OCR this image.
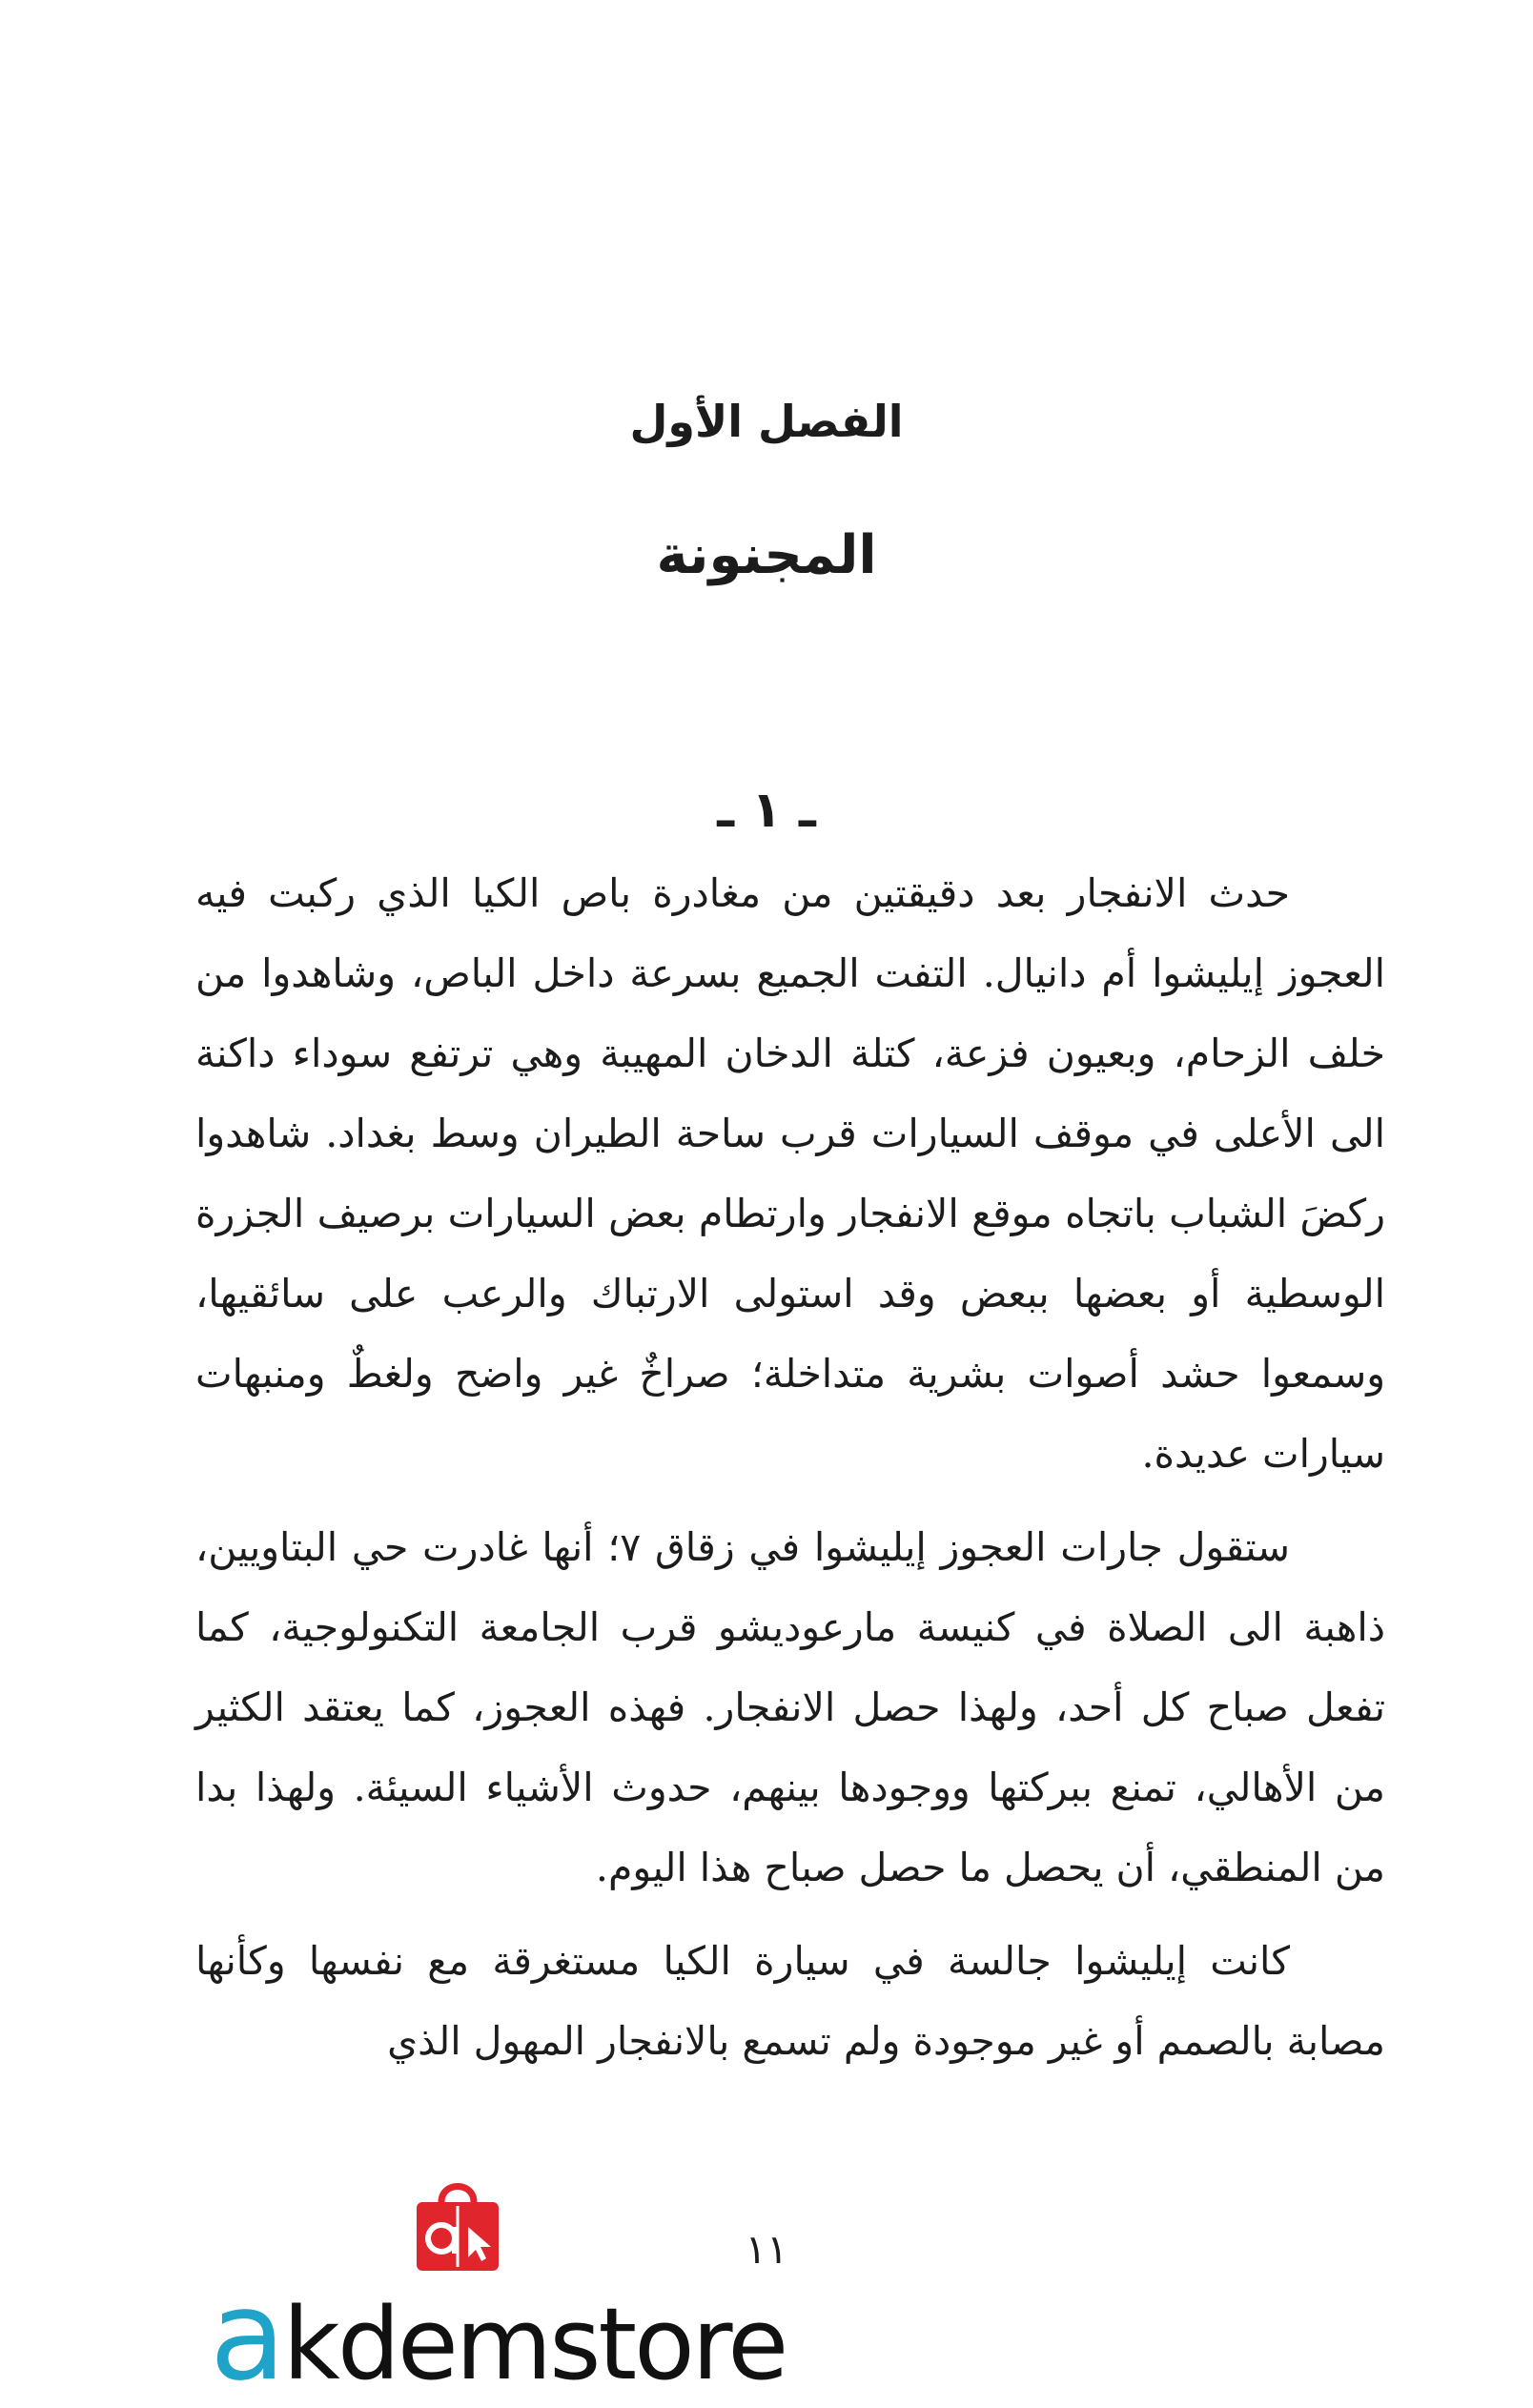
الفصل الأول
المجنونة
ـ ١ ـ

حدث الانفجار بعد دقيقتين من مغادرة باص الكيا الذي ركبت فيه العجوز إيليشوا أم دانيال. التفت الجميع بسرعة داخل الباص، وشاهدوا من خلف الزحام، وبعيون فزعة، كتلة الدخان المهيبة وهي ترتفع سوداء داكنة الى الأعلى في موقف السيارات قرب ساحة الطيران وسط بغداد. شاهدوا ركضَ الشباب باتجاه موقع الانفجار وارتطام بعض السيارات برصيف الجزرة الوسطية أو بعضها ببعض وقد استولى الارتباك والرعب على سائقيها، وسمعوا حشد أصوات بشرية متداخلة؛ صراخٌ غير واضح ولغطٌ ومنبهات سيارات عديدة.

ستقول جارات العجوز إيليشوا في زقاق ٧؛ أنها غادرت حي البتاويين، ذاهبة الى الصلاة في كنيسة مارعوديشو قرب الجامعة التكنولوجية، كما تفعل صباح كل أحد، ولهذا حصل الانفجار. فهذه العجوز، كما يعتقد الكثير من الأهالي، تمنع ببركتها ووجودها بينهم، حدوث الأشياء السيئة. ولهذا بدا من المنطقي، أن يحصل ما حصل صباح هذا اليوم.

كانت إيليشوا جالسة في سيارة الكيا مستغرقة مع نفسها وكأنها مصابة بالصمم أو غير موجودة ولم تسمع بالانفجار المهول الذي

١١
akdemstore
